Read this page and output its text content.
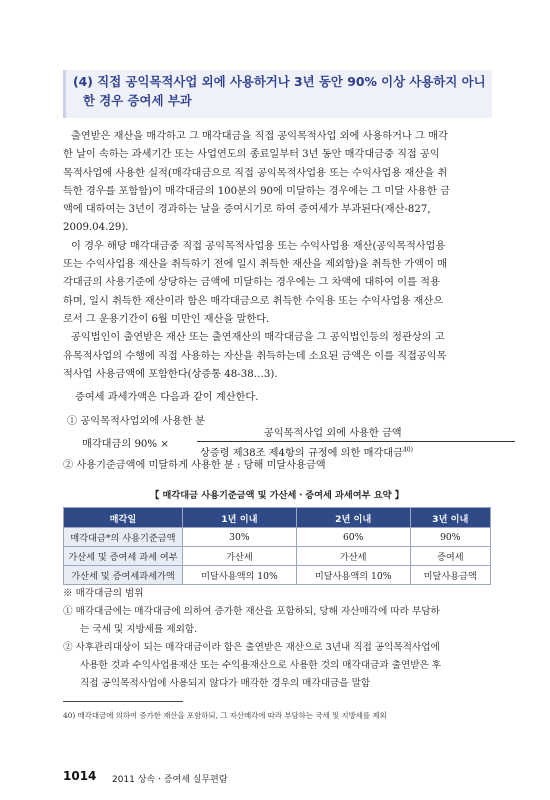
(4) 직접 공익목적사업 외에 사용하거나 3년 동안 90% 이상 사용하지 아니
한 경우 증여세 부과

출연받은 재산을 매각하고 그 매각대금을 직접 공익목적사업 외에 사용하거나 그 매각
한 날이 속하는 과세기간 또는 사업연도의 종료일부터 3년 동안 매각대금중 직접 공익
목적사업에 사용한 실적(매각대금으로 직접 공익목적사업용 또는 수익사업용 재산을 취
득한 경우를 포함함)이 매각대금의 100분의 90에 미달하는 경우에는 그 미달 사용한 금
액에 대하여는 3년이 경과하는 날을 증여시기로 하여 증여세가 부과된다(재산-827,
2009.04.29).

이 경우 해당 매각대금중 직접 공익목적사업용 또는 수익사업용 재산(공익목적사업용
또는 수익사업용 재산을 취득하기 전에 일시 취득한 재산을 제외함)을 취득한 가액이 매
각대금의 사용기준에 상당하는 금액에 미달하는 경우에는 그 차액에 대하여 이를 적용
하며, 일시 취득한 재산이라 함은 매각대금으로 취득한 수익용 또는 수익사업용 재산으
로서 그 운용기간이 6월 미만인 재산을 말한다.

공익법인이 출연받은 재산 또는 출연재산의 매각대금을 그 공익법인등의 정관상의 고
유목적사업의 수행에 직접 사용하는 자산을 취득하는데 소요된 금액은 이를 직접공익목
적사업 사용금액에 포함한다(상증통 48-38…3).

증여세 과세가액은 다음과 같이 계산한다.

① 공익목적사업외에 사용한 분

매각대금의 90% ×
공익목적사업 외에 사용한 금액
상증령 제38조 제4항의 규정에 의한 매각대금$^{40)}$
② 사용기준금액에 미달하게 사용한 분 : 당해 미달사용금액
【 매각대금 사용기준금액 및 가산세ㆍ증여세 과세여부 요약 】
매각일	1년 이내	2년 이내	3년 이내
매각대금*의 사용기준금액	30%	60%	90%
가산세 및 증여세 과세 여부	가산세	가산세	증여세
가산세 및 증여세과세가액	미달사용액의 10%	미달사용액의 10%	미달사용금액
※ 매각대금의 범위
① 매각대금에는 매각대금에 의하여 증가한 재산을 포함하되, 당해 자산매각에 따라 부담하
는 국세 및 지방세를 제외함.
② 사후관리대상이 되는 매각대금이라 함은 출연받은 재산으로 3년내 직접 공익목적사업에
사용한 것과 수익사업용재산 또는 수익용재산으로 사용한 것의 매각대금과 출연받은 후
직접 공익목적사업에 사용되지 않다가 매각한 경우의 매각대금을 말함
40) 매각대금에 의하여 증가한 재산을 포함하되, 그 자산매각에 따라 부담하는 국세 및 지방세를 제외
1014 2011 상속ㆍ증여세 실무편람
